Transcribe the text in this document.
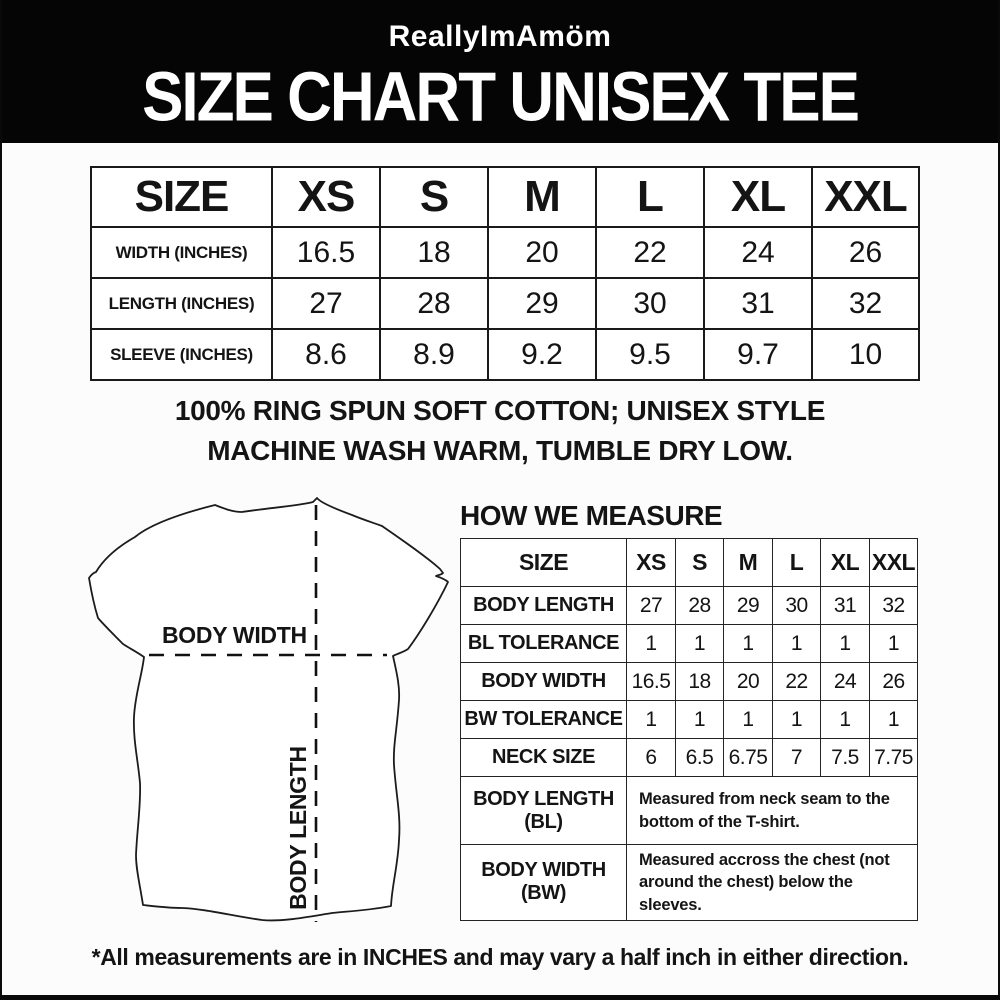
ReallyImAmöm
SIZE CHART UNISEX TEE
SIZE	XS	S	M	L	XL	XXL
WIDTH (INCHES)	16.5	18	20	22	24	26
LENGTH (INCHES)	27	28	29	30	31	32
SLEEVE (INCHES)	8.6	8.9	9.2	9.5	9.7	10
100% RING SPUN SOFT COTTON; UNISEX STYLE
MACHINE WASH WARM, TUMBLE DRY LOW.
BODY WIDTH
BODY LENGTH
HOW WE MEASURE
SIZE	XS	S	M	L	XL	XXL
BODY LENGTH	27	28	29	30	31	32
BL TOLERANCE	1	1	1	1	1	1
BODY WIDTH	16.5	18	20	22	24	26
BW TOLERANCE	1	1	1	1	1	1
NECK SIZE	6	6.5	6.75	7	7.5	7.75

BODY LENGTH
(BL)	Measured from neck seam to the bottom of the T-shirt.					

BODY WIDTH
(BW)	Measured accross the chest (not around the chest) below the sleeves.					
*All measurements are in INCHES and may vary a half inch in either direction.
